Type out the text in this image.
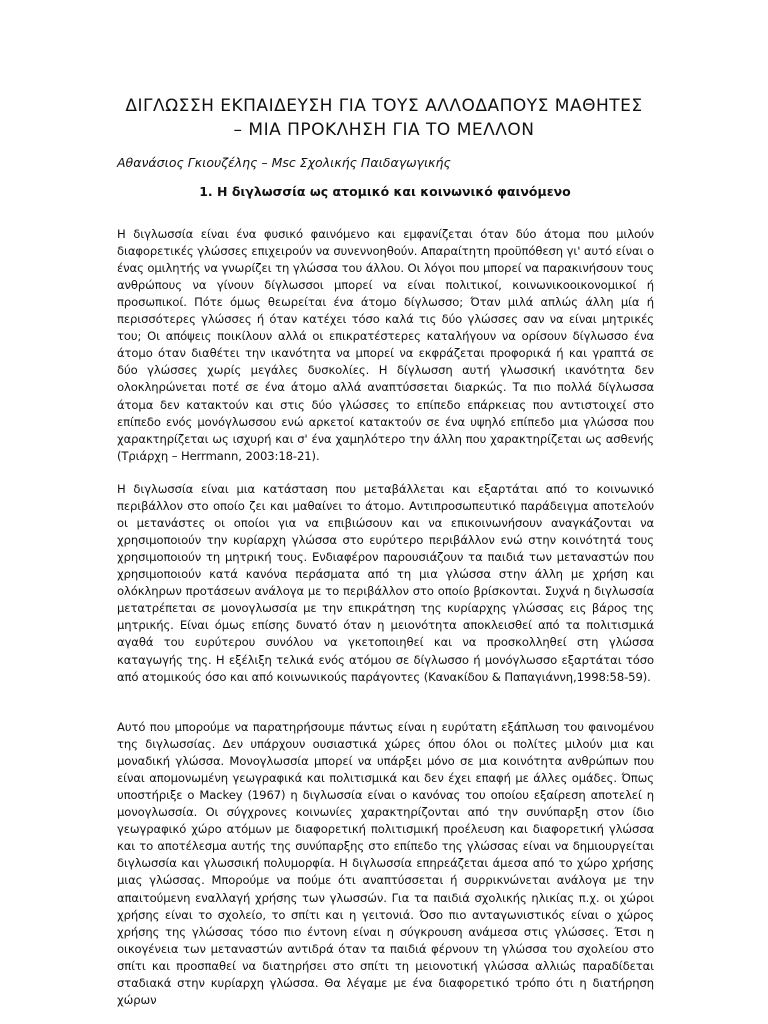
ΔΙΓΛΩΣΣΗ ΕΚΠΑΙΔΕΥΣΗ ΓΙΑ ΤΟΥΣ ΑΛΛΟΔΑΠΟΥΣ ΜΑΘΗΤΕΣ
– ΜΙΑ ΠΡΟΚΛΗΣΗ ΓΙΑ ΤΟ ΜΕΛΛΟΝ
Αθανάσιος Γκιουζέλης – Msc Σχολικής Παιδαγωγικής
1. Η διγλωσσία ως ατομικό και κοινωνικό φαινόμενο

Η διγλωσσία είναι ένα φυσικό φαινόμενο και εμφανίζεται όταν δύο άτομα που μιλούν διαφορετικές γλώσσες επιχειρούν να συνεννοηθούν. Απαραίτητη προϋπόθεση γι' αυτό είναι ο ένας ομιλητής να γνωρίζει τη γλώσσα του άλλου. Οι λόγοι που μπορεί να παρακινήσουν τους ανθρώπους να γίνουν δίγλωσσοι μπορεί να είναι πολιτικοί, κοινωνικοοικονομικοί ή προσωπικοί. Πότε όμως θεωρείται ένα άτομο δίγλωσσο; Όταν μιλά απλώς άλλη μία ή περισσότερες γλώσσες ή όταν κατέχει τόσο καλά τις δύο γλώσσες σαν να είναι μητρικές του; Οι απόψεις ποικίλουν αλλά οι επικρατέστερες καταλήγουν να ορίσουν δίγλωσσο ένα άτομο όταν διαθέτει την ικανότητα να μπορεί να εκφράζεται προφορικά ή και γραπτά σε δύο γλώσσες χωρίς μεγάλες δυσκολίες. Η δίγλωσση αυτή γλωσσική ικανότητα δεν ολοκληρώνεται ποτέ σε ένα άτομο αλλά αναπτύσσεται διαρκώς. Τα πιο πολλά δίγλωσσα άτομα δεν κατακτούν και στις δύο γλώσσες το επίπεδο επάρκειας που αντιστοιχεί στο επίπεδο ενός μονόγλωσσου ενώ αρκετοί κατακτούν σε ένα υψηλό επίπεδο μια γλώσσα που χαρακτηρίζεται ως ισχυρή και σ' ένα χαμηλότερο την άλλη που χαρακτηρίζεται ως ασθενής (Τριάρχη – Herrmann, 2003:18-21).

Η διγλωσσία είναι μια κατάσταση που μεταβάλλεται και εξαρτάται από το κοινωνικό περιβάλλον στο οποίο ζει και μαθαίνει το άτομο. Αντιπροσωπευτικό παράδειγμα αποτελούν οι μετανάστες οι οποίοι για να επιβιώσουν και να επικοινωνήσουν αναγκάζονται να χρησιμοποιούν την κυρίαρχη γλώσσα στο ευρύτερο περιβάλλον ενώ στην κοινότητά τους χρησιμοποιούν τη μητρική τους. Ενδιαφέρον παρουσιάζουν τα παιδιά των μεταναστών που χρησιμοποιούν κατά κανόνα περάσματα από τη μια γλώσσα στην άλλη με χρήση και ολόκληρων προτάσεων ανάλογα με το περιβάλλον στο οποίο βρίσκονται. Συχνά η διγλωσσία μετατρέπεται σε μονογλωσσία με την επικράτηση της κυρίαρχης γλώσσας εις βάρος της μητρικής. Είναι όμως επίσης δυνατό όταν η μειονότητα αποκλεισθεί από τα πολιτισμικά αγαθά του ευρύτερου συνόλου να γκετοποιηθεί και να προσκολληθεί στη γλώσσα καταγωγής της. Η εξέλιξη τελικά ενός ατόμου σε δίγλωσσο ή μονόγλωσσο εξαρτάται τόσο από ατομικούς όσο και από κοινωνικούς παράγοντες (Κανακίδου & Παπαγιάννη,1998:58-59).

Αυτό που μπορούμε να παρατηρήσουμε πάντως είναι η ευρύτατη εξάπλωση του φαινομένου της διγλωσσίας. Δεν υπάρχουν ουσιαστικά χώρες όπου όλοι οι πολίτες μιλούν μια και μοναδική γλώσσα. Μονογλωσσία μπορεί να υπάρξει μόνο σε μια κοινότητα ανθρώπων που είναι απομονωμένη γεωγραφικά και πολιτισμικά και δεν έχει επαφή με άλλες ομάδες. Όπως υποστήριξε ο Mackey (1967) η διγλωσσία είναι ο κανόνας του οποίου εξαίρεση αποτελεί η μονογλωσσία. Οι σύγχρονες κοινωνίες χαρακτηρίζονται από την συνύπαρξη στον ίδιο γεωγραφικό χώρο ατόμων με διαφορετική πολιτισμική προέλευση και διαφορετική γλώσσα και το αποτέλεσμα αυτής της συνύπαρξης στο επίπεδο της γλώσσας είναι να δημιουργείται διγλωσσία και γλωσσική πολυμορφία. Η διγλωσσία επηρεάζεται άμεσα από το χώρο χρήσης μιας γλώσσας. Μπορούμε να πούμε ότι αναπτύσσεται ή συρρικνώνεται ανάλογα με την απαιτούμενη εναλλαγή χρήσης των γλωσσών. Για τα παιδιά σχολικής ηλικίας π.χ. οι χώροι χρήσης είναι το σχολείο, το σπίτι και η γειτονιά. Όσο πιο ανταγωνιστικός είναι ο χώρος χρήσης της γλώσσας τόσο πιο έντονη είναι η σύγκρουση ανάμεσα στις γλώσσες. Έτσι η οικογένεια των μεταναστών αντιδρά όταν τα παιδιά φέρνουν τη γλώσσα του σχολείου στο σπίτι και προσπαθεί να διατηρήσει στο σπίτι τη μειονοτική γλώσσα αλλιώς παραδίδεται σταδιακά στην κυρίαρχη γλώσσα. Θα λέγαμε με ένα διαφορετικό τρόπο ότι η διατήρηση χώρων
